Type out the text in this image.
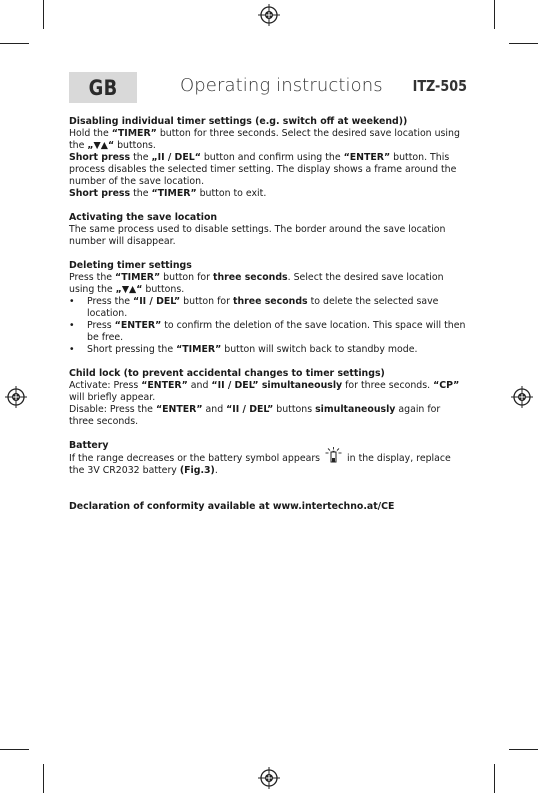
GB	Operating instructions ITZ-505

Disabling individual timer settings (e.g. switch off at weekend))

Hold the “TIMER” button for three seconds. Select the desired save location using the „▼▲“ buttons.

Short press the „II / DEL“ button and confirm using the “ENTER” button. This process disables the selected timer setting. The display shows a frame around the number of the save location.

Short press the “TIMER” button to exit.

Activating the save location

The same process used to disable settings. The border around the save location number will disappear.

Deleting timer settings

Press the “TIMER” button for three seconds. Select the desired save location using the „▼▲“ buttons.

• Press the “II / DEL” button for three seconds to delete the selected save location.

• Press “ENTER” to confirm the deletion of the save location. This space will then be free.

• Short pressing the “TIMER” button will switch back to standby mode.

Child lock (to prevent accidental changes to timer settings)

Activate: Press “ENTER” and “II / DEL” simultaneously for three seconds. “CP” will briefly appear.

Disable: Press the “ENTER” and “II / DEL” buttons simultaneously again for three seconds.

Battery

If the range decreases or the battery symbol appears  in the display, replace the 3V CR2032 battery (Fig.3).

Declaration of conformity available at www.intertechno.at/CE
